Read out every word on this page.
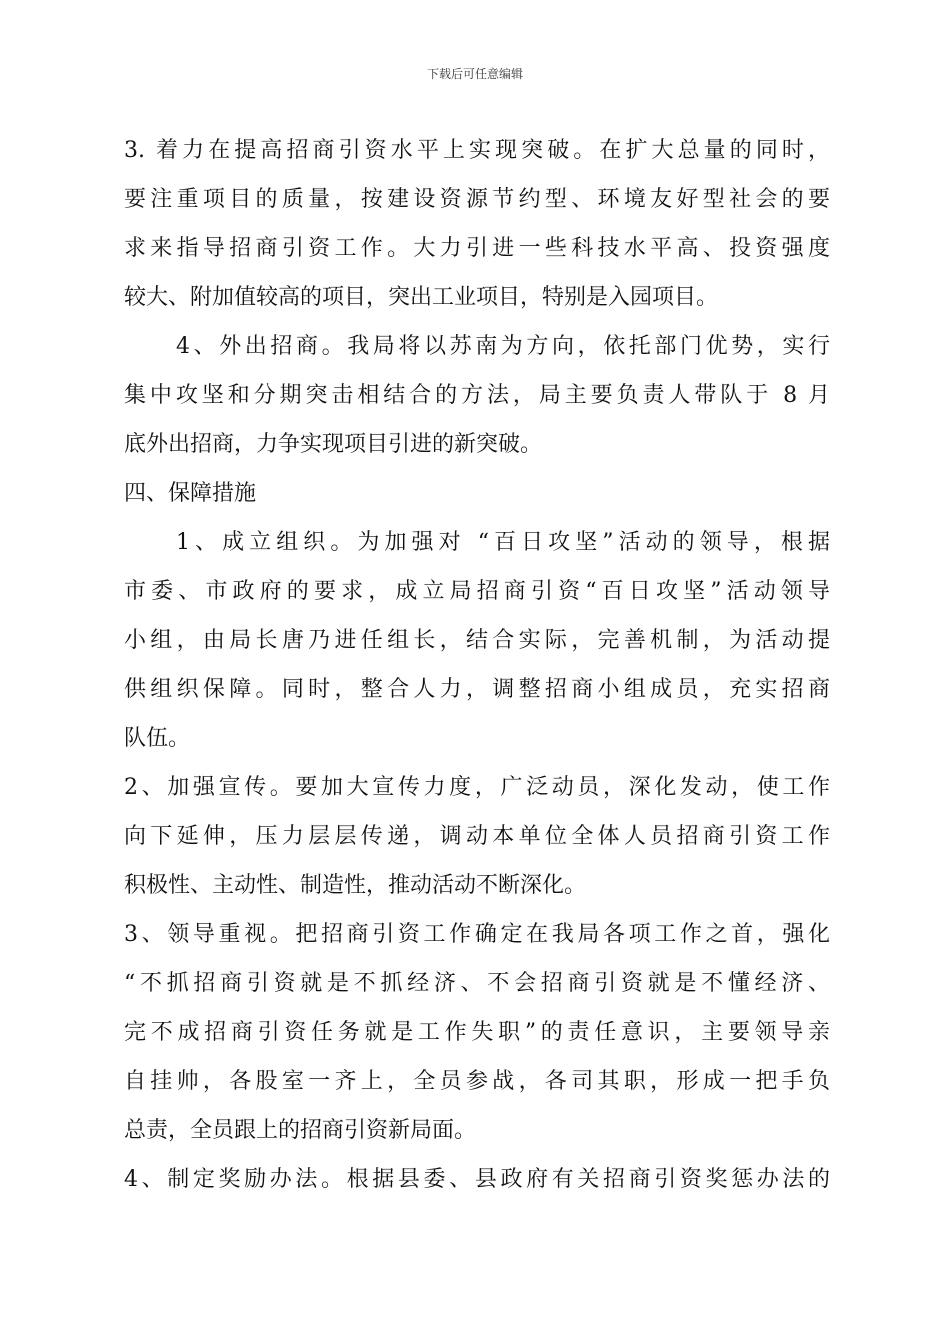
下载后可任意编辑
3. 着力在提高招商引资水平上实现突破。在扩大总量的同时，
要注重项目的质量，按建设资源节约型、环境友好型社会的要
求来指导招商引资工作。大力引进一些科技水平高、投资强度
较大、附加值较高的项目，突出工业项目，特别是入园项目。
4、外出招商。我局将以苏南为方向，依托部门优势，实行
集中攻坚和分期突击相结合的方法，局主要负责人带队于 8 月
底外出招商，力争实现项目引进的新突破。
四、保障措施
1、成立组织。为加强对 “百日攻坚”活动的领导，根据
市委、市政府的要求，成立局招商引资“百日攻坚”活动领导
小组，由局长唐乃进任组长，结合实际，完善机制，为活动提
供组织保障。同时，整合人力，调整招商小组成员，充实招商
队伍。
2、加强宣传。要加大宣传力度，广泛动员，深化发动，使工作
向下延伸，压力层层传递，调动本单位全体人员招商引资工作
积极性、主动性、制造性，推动活动不断深化。
3、领导重视。把招商引资工作确定在我局各项工作之首，强化
“不抓招商引资就是不抓经济、不会招商引资就是不懂经济、
完不成招商引资任务就是工作失职”的责任意识，主要领导亲
自挂帅，各股室一齐上，全员参战，各司其职，形成一把手负
总责，全员跟上的招商引资新局面。
4、制定奖励办法。根据县委、县政府有关招商引资奖惩办法的
